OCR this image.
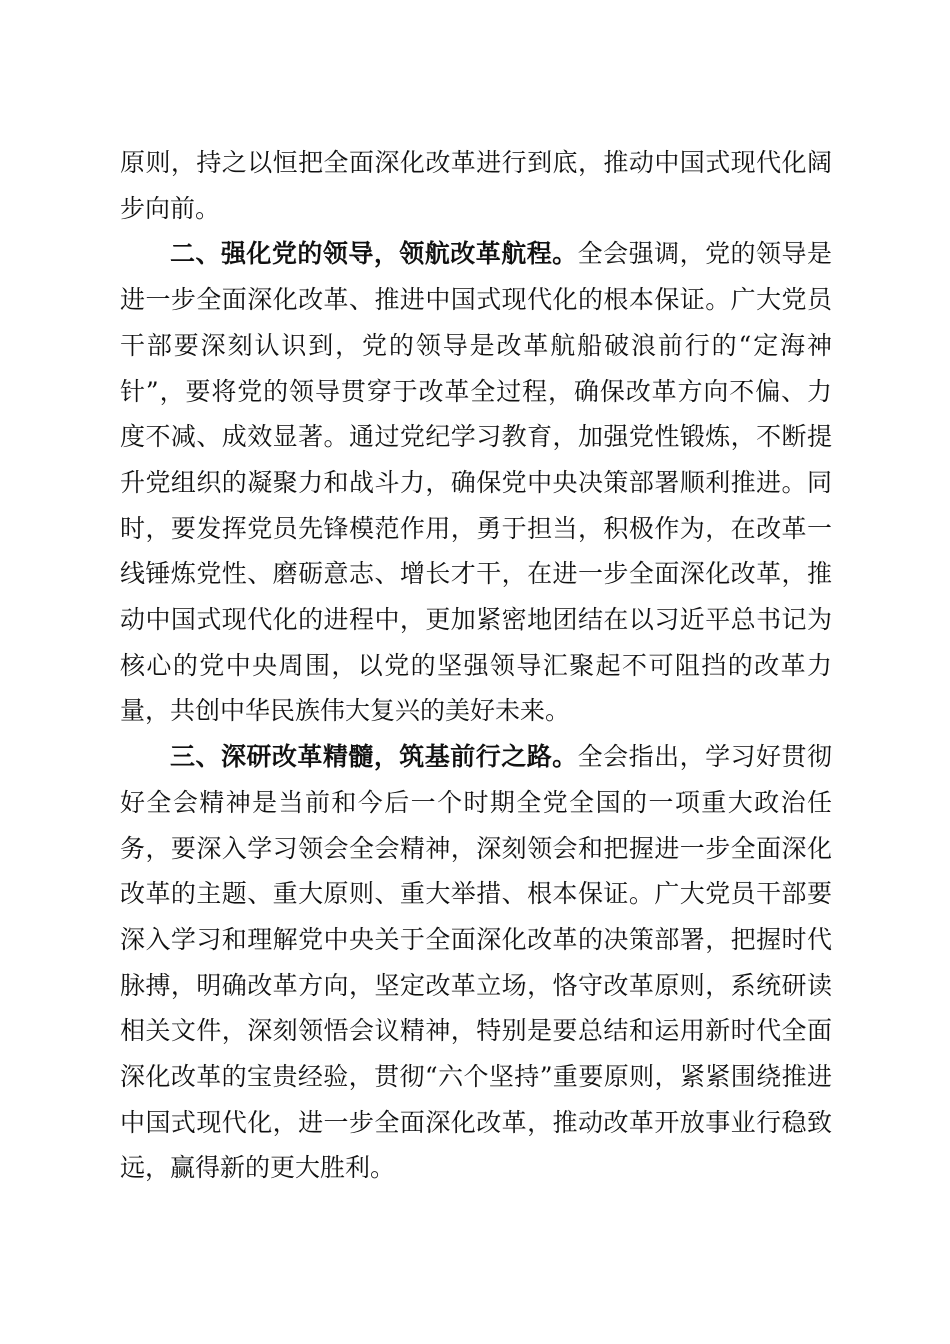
原则，持之以恒把全面深化改革进行到底，推动中国式现代化阔步向前。

二、强化党的领导，领航改革航程。全会强调，党的领导是进一步全面深化改革、推进中国式现代化的根本保证。广大党员干部要深刻认识到，党的领导是改革航船破浪前行的“定海神针”，要将党的领导贯穿于改革全过程，确保改革方向不偏、力度不减、成效显著。通过党纪学习教育，加强党性锻炼，不断提升党组织的凝聚力和战斗力，确保党中央决策部署顺利推进。同时，要发挥党员先锋模范作用，勇于担当，积极作为，在改革一线锤炼党性、磨砺意志、增长才干，在进一步全面深化改革，推动中国式现代化的进程中，更加紧密地团结在以习近平总书记为核心的党中央周围，以党的坚强领导汇聚起不可阻挡的改革力量，共创中华民族伟大复兴的美好未来。

三、深研改革精髓，筑基前行之路。全会指出，学习好贯彻好全会精神是当前和今后一个时期全党全国的一项重大政治任务，要深入学习领会全会精神，深刻领会和把握进一步全面深化改革的主题、重大原则、重大举措、根本保证。广大党员干部要深入学习和理解党中央关于全面深化改革的决策部署，把握时代脉搏，明确改革方向，坚定改革立场，恪守改革原则，系统研读相关文件，深刻领悟会议精神，特别是要总结和运用新时代全面深化改革的宝贵经验，贯彻“六个坚持”重要原则，紧紧围绕推进中国式现代化，进一步全面深化改革，推动改革开放事业行稳致远，赢得新的更大胜利。
